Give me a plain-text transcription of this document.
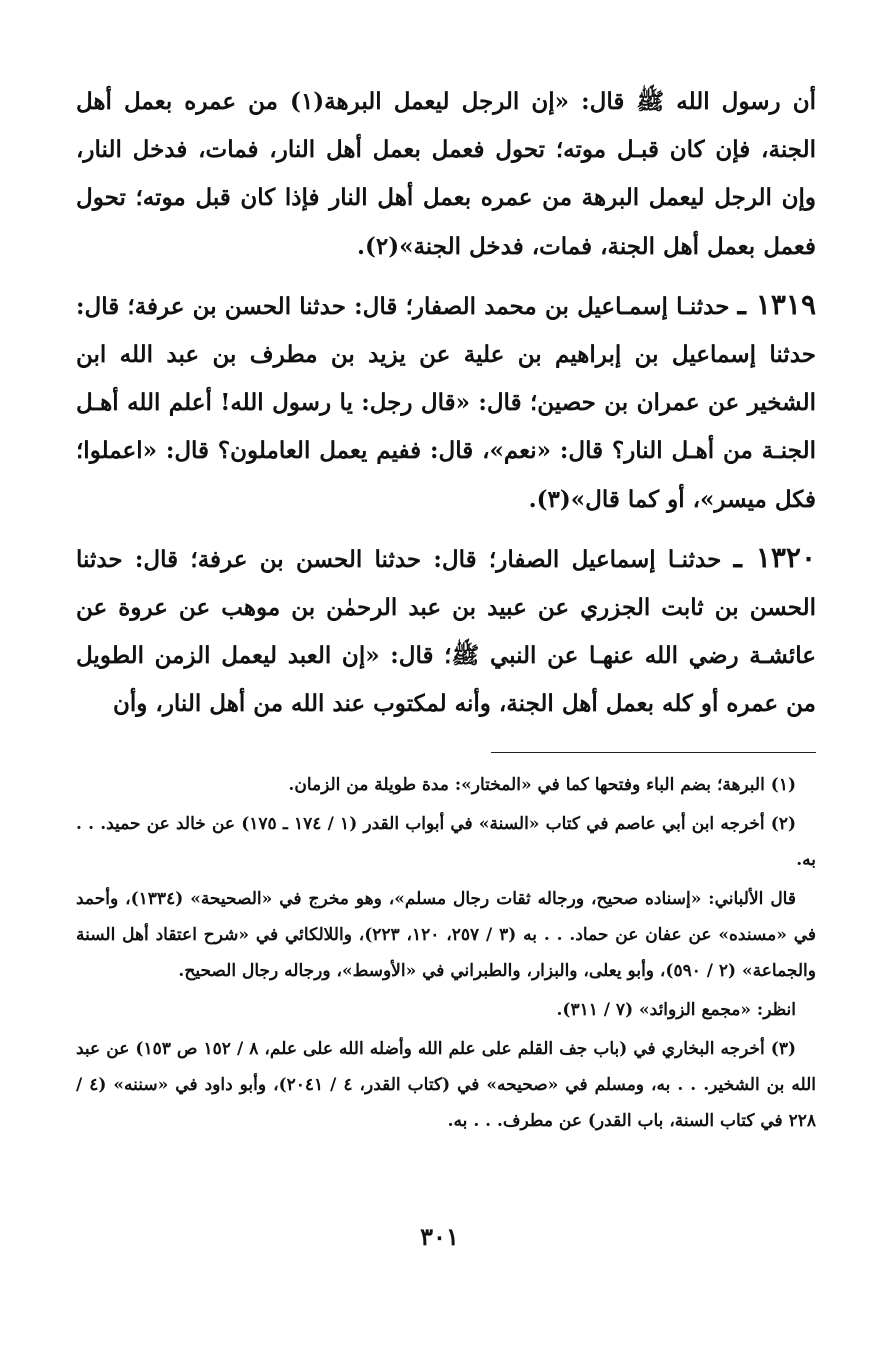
أن رسول الله ﷺ قال: «إن الرجل ليعمل البرهة(١) من عمره بعمل أهل الجنة، فإن كان قبـل موته؛ تحول فعمل بعمل أهل النار، فمات، فدخل النار، وإن الرجل ليعمل البرهة من عمره بعمل أهل النار فإذا كان قبل موته؛ تحول فعمل بعمل أهل الجنة، فمات، فدخل الجنة»(٢).

١٣١٩ ـ حدثنـا إسمـاعيل بن محمد الصفار؛ قال: حدثنا الحسن بن عرفة؛ قال: حدثنا إسماعيل بن إبراهيم بن علية عن يزيد بن مطرف بن عبد الله ابن الشخير عن عمران بن حصين؛ قال: «قال رجل: يا رسول الله! أعلم الله أهـل الجنـة من أهـل النار؟ قال: «نعم»، قال: ففيم يعمل العاملون؟ قال: «اعملوا؛ فكل ميسر»، أو كما قال»(٣).

١٣٢٠ ـ حدثنـا إسماعيل الصفار؛ قال: حدثنا الحسن بن عرفة؛ قال: حدثنا الحسن بن ثابت الجزري عن عبيد بن عبد الرحمٰن بن موهب عن عروة عن عائشـة رضي الله عنهـا عن النبي ﷺ؛ قال: «إن العبد ليعمل الزمن الطويل من عمره أو كله بعمل أهل الجنة، وأنه لمكتوب عند الله من أهل النار، وأن

(١) البرهة؛ بضم الباء وفتحها كما في «المختار»: مدة طويلة من الزمان.

(٢) أخرجه ابن أبي عاصم في كتاب «السنة» في أبواب القدر (١ / ١٧٤ ـ ١٧٥) عن خالد عن حميد. . . به.

قال الألباني: «إسناده صحيح، ورجاله ثقات رجال مسلم»، وهو مخرج في «الصحيحة» (١٣٣٤)، وأحمد في «مسنده» عن عفان عن حماد. . . به (٣ / ٢٥٧، ١٢٠، ٢٢٣)، واللالكائي في «شرح اعتقاد أهل السنة والجماعة» (٢ / ٥٩٠)، وأبو يعلى، والبزار، والطبراني في «الأوسط»، ورجاله رجال الصحيح.

انظر: «مجمع الزوائد» (٧ / ٣١١).

(٣) أخرجه البخاري في (باب جف القلم على علم الله وأضله الله على علم، ٨ / ١٥٢ ص ١٥٣) عن عبد الله بن الشخير. . . به، ومسلم في «صحيحه» في (كتاب القدر، ٤ / ٢٠٤١)، وأبو داود في «سننه» (٤ / ٢٢٨ في كتاب السنة، باب القدر) عن مطرف. . . به.

٣٠١
